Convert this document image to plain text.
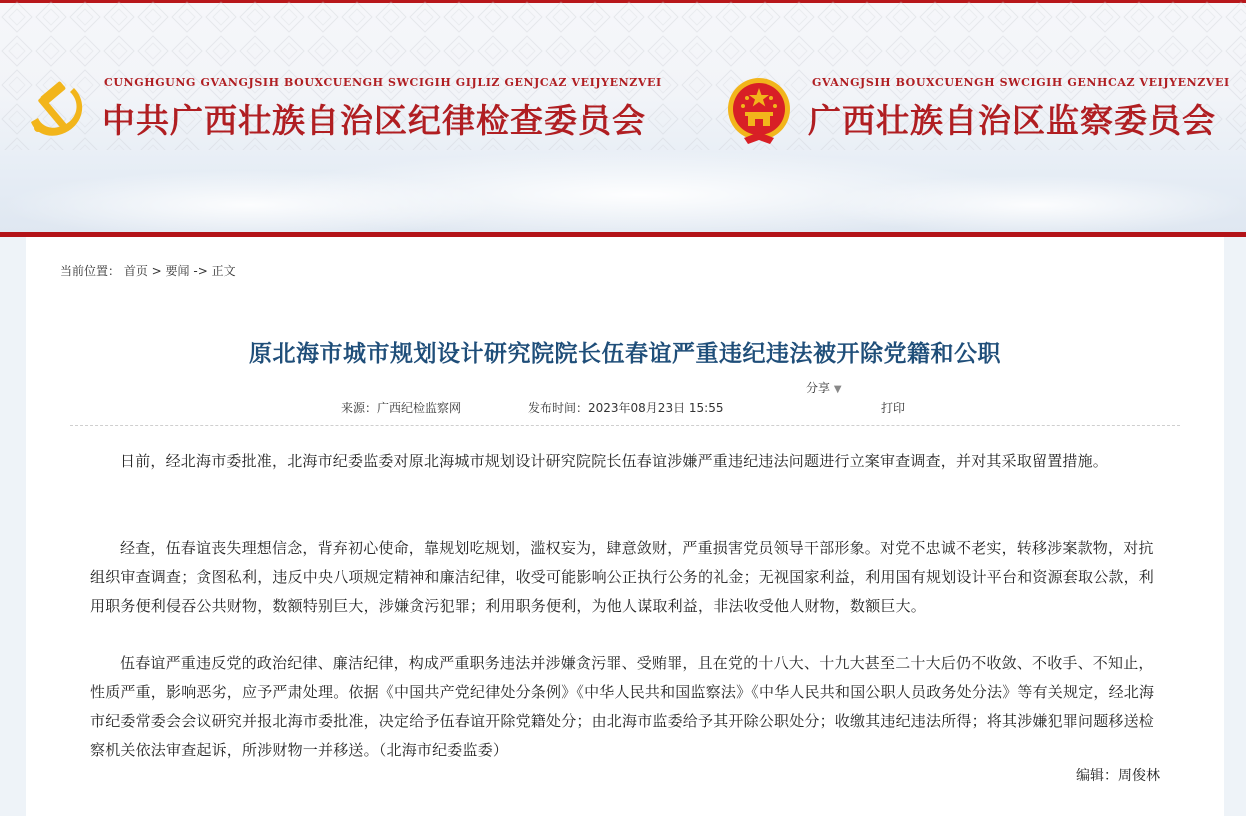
CUNGHGUNG GVANGJSIH BOUXCUENGH SWCIGIH GIJLIZ GENJCAZ VEIJYENZVEI
中共广西壮族自治区纪律检查委员会
GVANGJSIH BOUXCUENGH SWCIGIH GENHCAZ VEIJYENZVEI
广西壮族自治区监察委员会
当前位置： 首页 > 要闻 -> 正文
原北海市城市规划设计研究院院长伍春谊严重违纪违法被开除党籍和公职
分享 ▼
来源：广西纪检监察网	发布时间：2023年08月23日 15:55	打印
日前，经北海市委批准，北海市纪委监委对原北海城市规划设计研究院院长伍春谊涉嫌严重违纪违法问题进行立案审查调查，并对其采取留置措施。
经查，伍春谊丧失理想信念，背弃初心使命，靠规划吃规划，滥权妄为，肆意敛财，严重损害党员领导干部形象。对党不忠诚不老实，转移涉案款物，对抗组织审查调查；贪图私利，违反中央八项规定精神和廉洁纪律，收受可能影响公正执行公务的礼金；无视国家利益，利用国有规划设计平台和资源套取公款，利用职务便利侵吞公共财物，数额特别巨大，涉嫌贪污犯罪；利用职务便利，为他人谋取利益，非法收受他人财物，数额巨大。
伍春谊严重违反党的政治纪律、廉洁纪律，构成严重职务违法并涉嫌贪污罪、受贿罪，且在党的十八大、十九大甚至二十大后仍不收敛、不收手、不知止，性质严重，影响恶劣，应予严肃处理。依据《中国共产党纪律处分条例》《中华人民共和国监察法》《中华人民共和国公职人员政务处分法》等有关规定，经北海市纪委常委会会议研究并报北海市委批准，决定给予伍春谊开除党籍处分；由北海市监委给予其开除公职处分；收缴其违纪违法所得；将其涉嫌犯罪问题移送检察机关依法审查起诉，所涉财物一并移送。（北海市纪委监委）
编辑：周俊林
